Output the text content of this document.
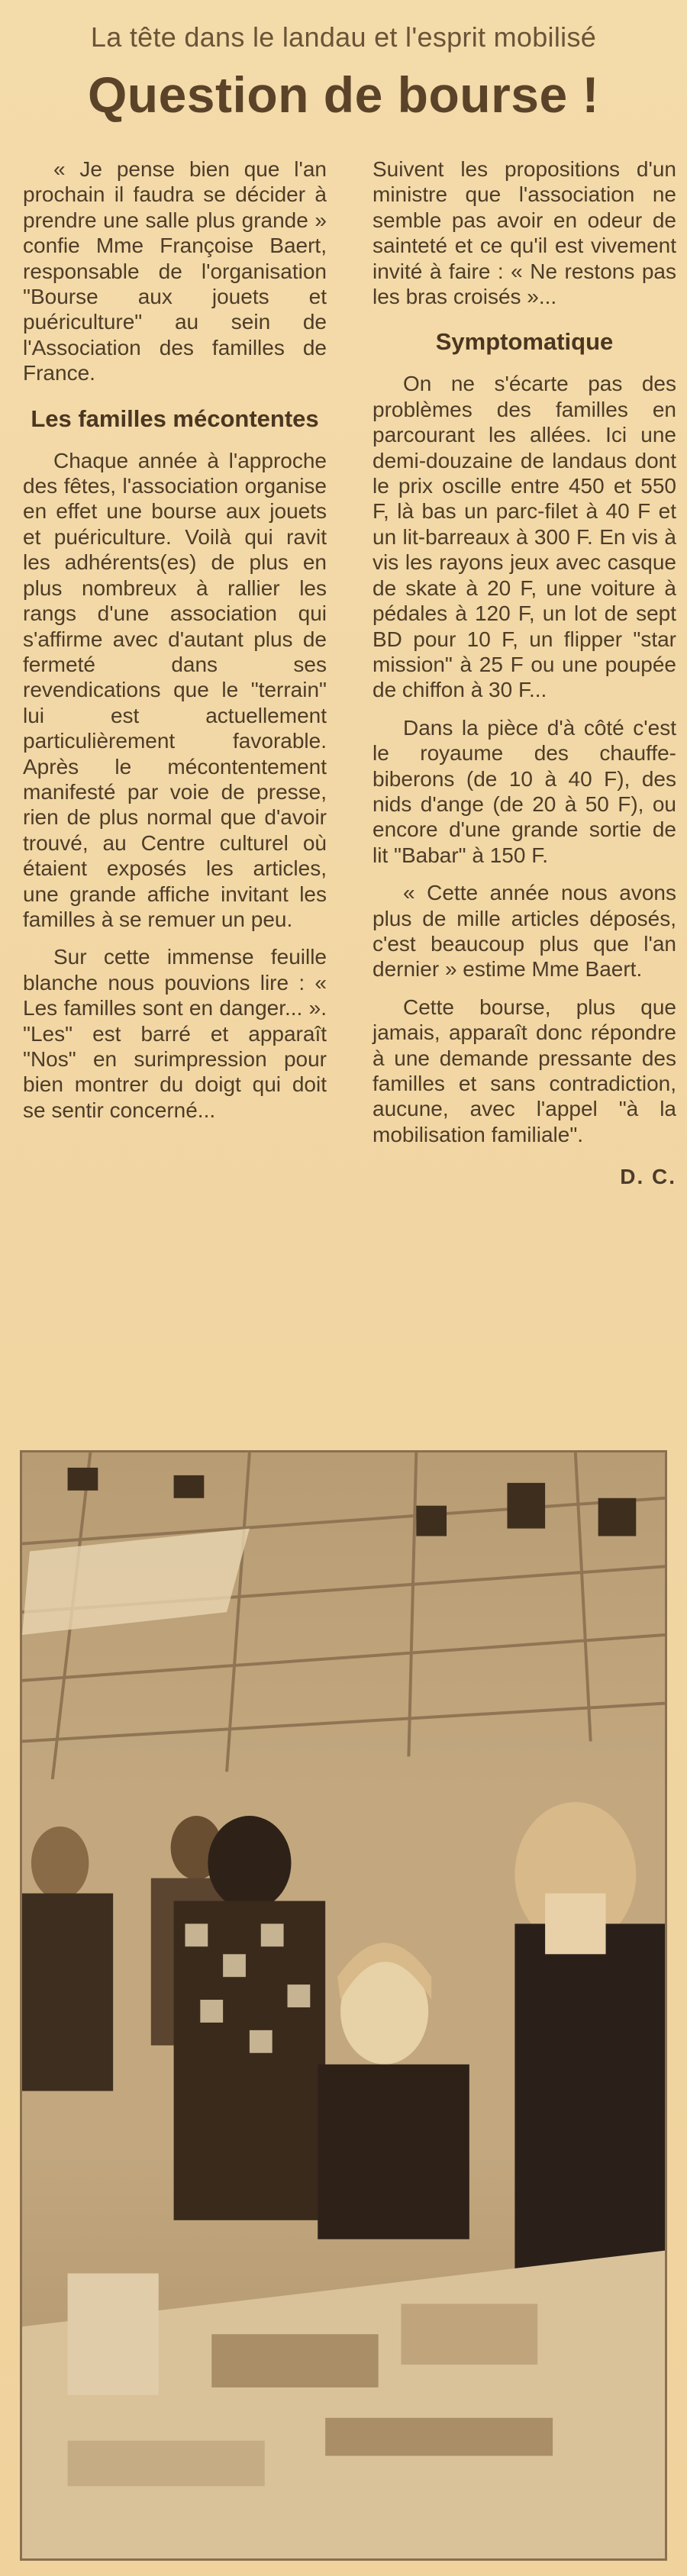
La tête dans le landau et l'esprit mobilisé
Question de bourse !

« Je pense bien que l'an prochain il faudra se décider à prendre une salle plus grande » confie Mme Françoise Baert, responsable de l'organisation "Bourse aux jouets et puériculture" au sein de l'Association des familles de France.

Les familles mécontentes

Chaque année à l'approche des fêtes, l'association organise en effet une bourse aux jouets et puériculture. Voilà qui ravit les adhérents(es) de plus en plus nombreux à rallier les rangs d'une association qui s'affirme avec d'autant plus de fermeté dans ses revendications que le "terrain" lui est actuellement particulièrement favorable. Après le mécontentement manifesté par voie de presse, rien de plus normal que d'avoir trouvé, au Centre culturel où étaient exposés les articles, une grande affiche invitant les familles à se remuer un peu.

Sur cette immense feuille blanche nous pouvions lire : « Les familles sont en danger... ». "Les" est barré et apparaît "Nos" en surimpression pour bien montrer du doigt qui doit se sentir concerné...

Suivent les propositions d'un ministre que l'association ne semble pas avoir en odeur de sainteté et ce qu'il est vivement invité à faire : « Ne restons pas les bras croisés »...

Symptomatique

On ne s'écarte pas des problèmes des familles en parcourant les allées. Ici une demi-douzaine de landaus dont le prix oscille entre 450 et 550 F, là bas un parc-filet à 40 F et un lit-barreaux à 300 F. En vis à vis les rayons jeux avec casque de skate à 20 F, une voiture à pédales à 120 F, un lot de sept BD pour 10 F, un flipper "star mission" à 25 F ou une poupée de chiffon à 30 F...

Dans la pièce d'à côté c'est le royaume des chauffe-biberons (de 10 à 40 F), des nids d'ange (de 20 à 50 F), ou encore d'une grande sortie de lit "Babar" à 150 F.

« Cette année nous avons plus de mille articles déposés, c'est beaucoup plus que l'an dernier » estime Mme Baert.

Cette bourse, plus que jamais, apparaît donc répondre à une demande pressante des familles et sans contradiction, aucune, avec l'appel "à la mobilisation familiale".

D. C.
